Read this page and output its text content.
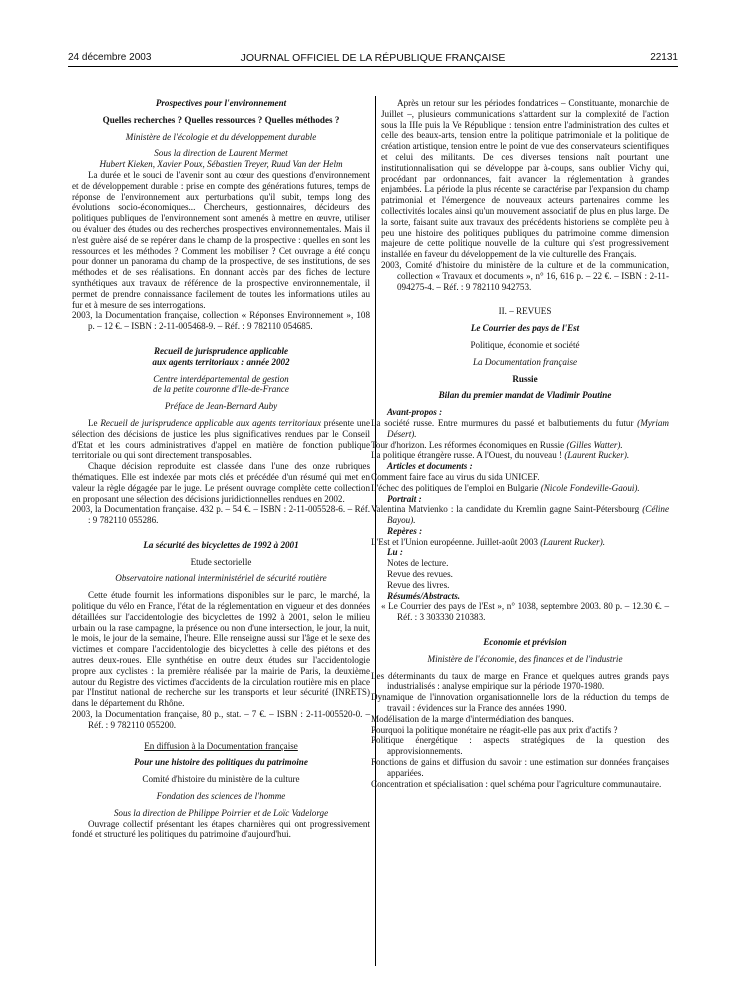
24 décembre 2003	JOURNAL OFFICIEL DE LA RÉPUBLIQUE FRANÇAISE	22131
Prospectives pour l'environnement
Quelles recherches ? Quelles ressources ? Quelles méthodes ?
Ministère de l'écologie et du développement durable
Sous la direction de Laurent Mermet
Hubert Kieken, Xavier Poux, Sébastien Treyer, Ruud Van der Helm

La durée et le souci de l'avenir sont au cœur des questions d'environnement et de développement durable : prise en compte des générations futures, temps de réponse de l'environnement aux perturbations qu'il subit, temps long des évolutions socio-économiques... Chercheurs, gestionnaires, décideurs des politiques publiques de l'environnement sont amenés à mettre en œuvre, utiliser ou évaluer des études ou des recherches prospectives environnementales. Mais il n'est guère aisé de se repérer dans le champ de la prospective : quelles en sont les ressources et les méthodes ? Comment les mobiliser ? Cet ouvrage a été conçu pour donner un panorama du champ de la prospective, de ses institutions, de ses méthodes et de ses réalisations. En donnant accès par des fiches de lecture synthétiques aux travaux de référence de la prospective environnementale, il permet de prendre connaissance facilement de toutes les informations utiles au fur et à mesure de ses interrogations.

2003, la Documentation française, collection « Réponses Environnement », 108 p. – 12 €. – ISBN : 2-11-005468-9. – Réf. : 9 782110 054685.

Recueil de jurisprudence applicable
aux agents territoriaux : année 2002
Centre interdépartemental de gestion
de la petite couronne d'Ile-de-France
Préface de Jean-Bernard Auby

Le Recueil de jurisprudence applicable aux agents territoriaux présente une sélection des décisions de justice les plus significatives rendues par le Conseil d'Etat et les cours administratives d'appel en matière de fonction publique territoriale ou qui sont directement transposables.

Chaque décision reproduite est classée dans l'une des onze rubriques thématiques. Elle est indexée par mots clés et précédée d'un résumé qui met en valeur la règle dégagée par le juge. Le présent ouvrage complète cette collection en proposant une sélection des décisions juridictionnelles rendues en 2002.

2003, la Documentation française. 432 p. – 54 €. – ISBN : 2-11-005528-6. – Réf. : 9 782110 055286.

La sécurité des bicyclettes de 1992 à 2001
Etude sectorielle
Observatoire national interministériel de sécurité routière

Cette étude fournit les informations disponibles sur le parc, le marché, la politique du vélo en France, l'état de la réglementation en vigueur et des données détaillées sur l'accidentologie des bicyclettes de 1992 à 2001, selon le milieu urbain ou la rase campagne, la présence ou non d'une intersection, le jour, la nuit, le mois, le jour de la semaine, l'heure. Elle renseigne aussi sur l'âge et le sexe des victimes et compare l'accidentologie des bicyclettes à celle des piétons et des autres deux-roues. Elle synthétise en outre deux études sur l'accidentologie propre aux cyclistes : la première réalisée par la mairie de Paris, la deuxième autour du Registre des victimes d'accidents de la circulation routière mis en place par l'Institut national de recherche sur les transports et leur sécurité (INRETS) dans le département du Rhône.

2003, la Documentation française, 80 p., stat. – 7 €. – ISBN : 2-11-005520-0. – Réf. : 9 782110 055200.

En diffusion à la Documentation française
Pour une histoire des politiques du patrimoine
Comité d'histoire du ministère de la culture
Fondation des sciences de l'homme
Sous la direction de Philippe Poirrier et de Loïc Vadelorge

Ouvrage collectif présentant les étapes charnières qui ont progressivement fondé et structuré les politiques du patrimoine d'aujourd'hui.

Après un retour sur les périodes fondatrices – Constituante, monarchie de Juillet –, plusieurs communications s'attardent sur la complexité de l'action sous la IIIe puis la Ve République : tension entre l'administration des cultes et celle des beaux-arts, tension entre la politique patrimoniale et la politique de création artistique, tension entre le point de vue des conservateurs scientifiques et celui des militants. De ces diverses tensions naît pourtant une institutionnalisation qui se développe par à-coups, sans oublier Vichy qui, procédant par ordonnances, fait avancer la réglementation à grandes enjambées. La période la plus récente se caractérise par l'expansion du champ patrimonial et l'émergence de nouveaux acteurs partenaires comme les collectivités locales ainsi qu'un mouvement associatif de plus en plus large. De la sorte, faisant suite aux travaux des précédents historiens se complète peu à peu une histoire des politiques publiques du patrimoine comme dimension majeure de cette politique nouvelle de la culture qui s'est progressivement installée en faveur du développement de la vie culturelle des Français.

2003, Comité d'histoire du ministère de la culture et de la communication, collection « Travaux et documents », n° 16, 616 p. – 22 €. – ISBN : 2-11-094275-4. – Réf. : 9 782110 942753.

II. – REVUES
Le Courrier des pays de l'Est
Politique, économie et société
La Documentation française
Russie
Bilan du premier mandat de Vladimir Poutine
Avant-propos :

La société russe. Entre murmures du passé et balbutiements du futur (Myriam Désert).

Tour d'horizon. Les réformes économiques en Russie (Gilles Watter).

La politique étrangère russe. A l'Ouest, du nouveau ! (Laurent Rucker).

Articles et documents :

Comment faire face au virus du sida UNICEF.

L'échec des politiques de l'emploi en Bulgarie (Nicole Fondeville-Gaoui).

Portrait :

Valentina Matvienko : la candidate du Kremlin gagne Saint-Pétersbourg (Céline Bayou).

Repères :

L'Est et l'Union européenne. Juillet-août 2003 (Laurent Rucker).

Lu :
Notes de lecture.
Revue des revues.
Revue des livres.
Résumés/Abstracts.

« Le Courrier des pays de l'Est », n° 1038, septembre 2003. 80 p. – 12.30 €. – Réf. : 3 303330 210383.

Economie et prévision
Ministère de l'économie, des finances et de l'industrie

Les déterminants du taux de marge en France et quelques autres grands pays industrialisés : analyse empirique sur la période 1970-1980.

Dynamique de l'innovation organisationnelle lors de la réduction du temps de travail : évidences sur la France des années 1990.

Modélisation de la marge d'intermédiation des banques.

Pourquoi la politique monétaire ne réagit-elle pas aux prix d'actifs ?

Politique énergétique : aspects stratégiques de la question des approvisionnements.

Fonctions de gains et diffusion du savoir : une estimation sur données françaises appariées.

Concentration et spécialisation : quel schéma pour l'agriculture communautaire.
